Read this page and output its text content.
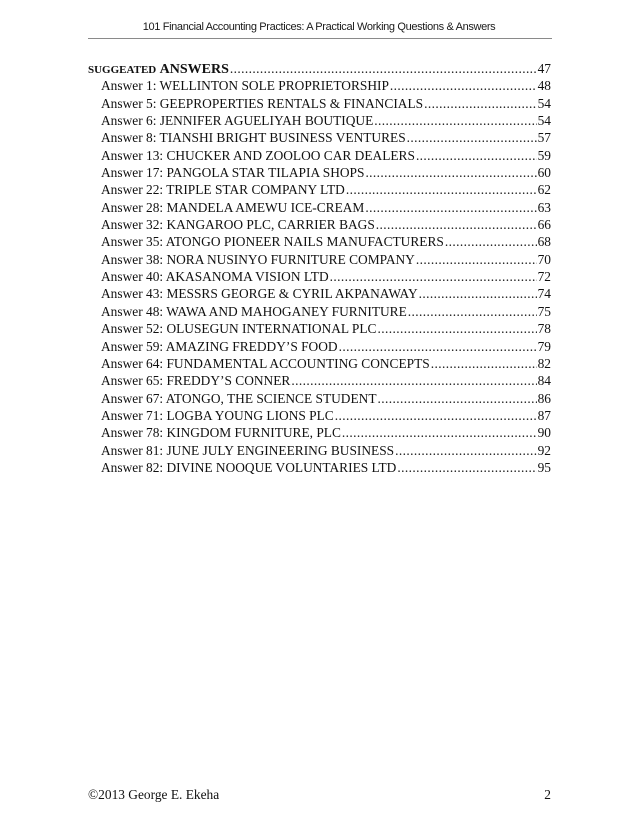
101 Financial Accounting Practices: A Practical Working Questions & Answers
SUGGEATED ANSWERS .....	47
Answer 1: WELLINTON SOLE PROPRIETORSHIP .....	48
Answer 5: GEEPROPERTIES RENTALS & FINANCIALS .....	54
Answer 6: JENNIFER AGUELIYAH BOUTIQUE .....	54
Answer 8: TIANSHI BRIGHT BUSINESS VENTURES .....	57
Answer 13: CHUCKER AND ZOOLOO CAR DEALERS .....	59
Answer 17: PANGOLA STAR TILAPIA SHOPS .....	60
Answer 22: TRIPLE STAR COMPANY LTD .....	62
Answer 28: MANDELA AMEWU ICE-CREAM .....	63
Answer 32: KANGAROO PLC, CARRIER BAGS .....	66
Answer 35: ATONGO PIONEER NAILS MANUFACTURERS .....	68
Answer 38: NORA NUSINYO FURNITURE COMPANY .....	70
Answer 40: AKASANOMA VISION LTD .....	72
Answer 43: MESSRS GEORGE & CYRIL AKPANAWAY .....	74
Answer 48: WAWA AND MAHOGANEY FURNITURE .....	75
Answer 52: OLUSEGUN INTERNATIONAL PLC .....	78
Answer 59: AMAZING FREDDY’S FOOD .....	79
Answer 64: FUNDAMENTAL ACCOUNTING CONCEPTS .....	82
Answer 65: FREDDY’S CONNER .....	84
Answer 67: ATONGO, THE SCIENCE STUDENT .....	86
Answer 71: LOGBA YOUNG LIONS PLC .....	87
Answer 78: KINGDOM FURNITURE, PLC .....	90
Answer 81: JUNE JULY ENGINEERING BUSINESS .....	92
Answer 82: DIVINE NOOQUE VOLUNTARIES LTD .....	95
©2013 George E. Ekeha	2
